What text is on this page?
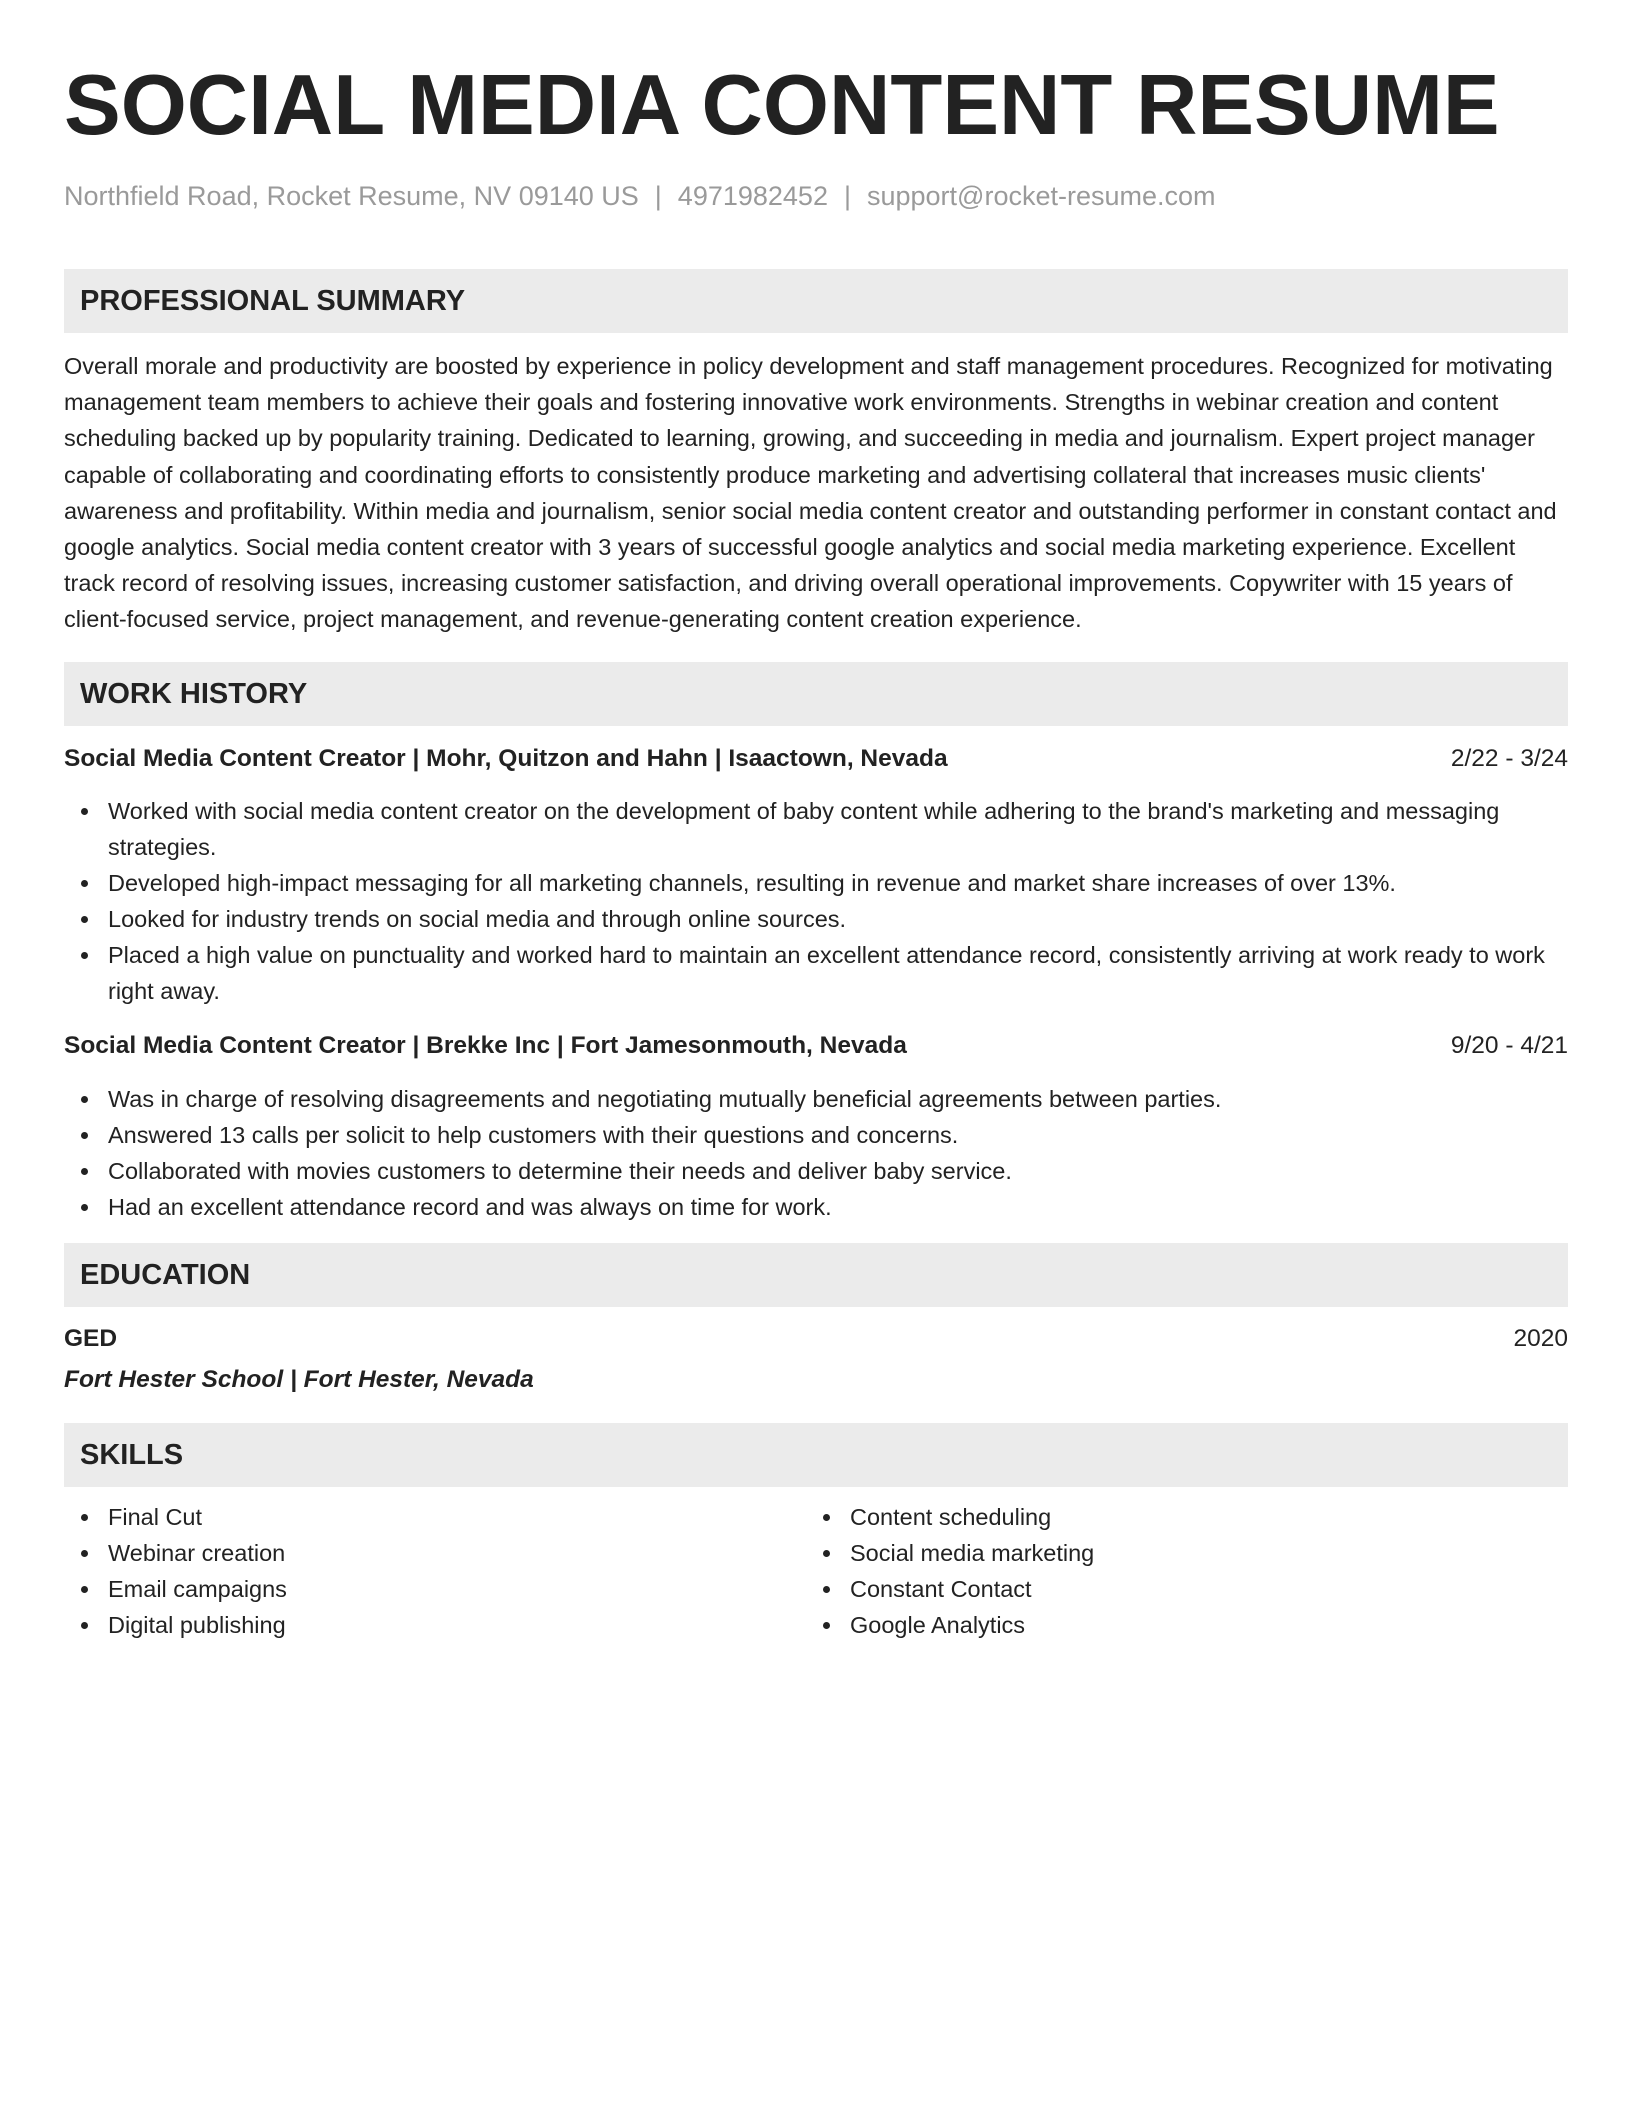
SOCIAL MEDIA CONTENT RESUME
Northfield Road, Rocket Resume, NV 09140 US | 4971982452 | support@rocket-resume.com
PROFESSIONAL SUMMARY
Overall morale and productivity are boosted by experience in policy development and staff management procedures. Recognized for motivating management team members to achieve their goals and fostering innovative work environments. Strengths in webinar creation and content scheduling backed up by popularity training. Dedicated to learning, growing, and succeeding in media and journalism. Expert project manager capable of collaborating and coordinating efforts to consistently produce marketing and advertising collateral that increases music clients' awareness and profitability. Within media and journalism, senior social media content creator and outstanding performer in constant contact and google analytics. Social media content creator with 3 years of successful google analytics and social media marketing experience. Excellent track record of resolving issues, increasing customer satisfaction, and driving overall operational improvements. Copywriter with 15 years of client-focused service, project management, and revenue-generating content creation experience.
WORK HISTORY
Social Media Content Creator | Mohr, Quitzon and Hahn | Isaactown, Nevada	2/22 - 3/24
Worked with social media content creator on the development of baby content while adhering to the brand's marketing and messaging strategies.
Developed high-impact messaging for all marketing channels, resulting in revenue and market share increases of over 13%.
Looked for industry trends on social media and through online sources.
Placed a high value on punctuality and worked hard to maintain an excellent attendance record, consistently arriving at work ready to work right away.
Social Media Content Creator | Brekke Inc | Fort Jamesonmouth, Nevada	9/20 - 4/21
Was in charge of resolving disagreements and negotiating mutually beneficial agreements between parties.
Answered 13 calls per solicit to help customers with their questions and concerns.
Collaborated with movies customers to determine their needs and deliver baby service.
Had an excellent attendance record and was always on time for work.
EDUCATION
GED	2020
Fort Hester School | Fort Hester, Nevada
SKILLS
Final Cut
Webinar creation
Email campaigns
Digital publishing
Content scheduling
Social media marketing
Constant Contact
Google Analytics
